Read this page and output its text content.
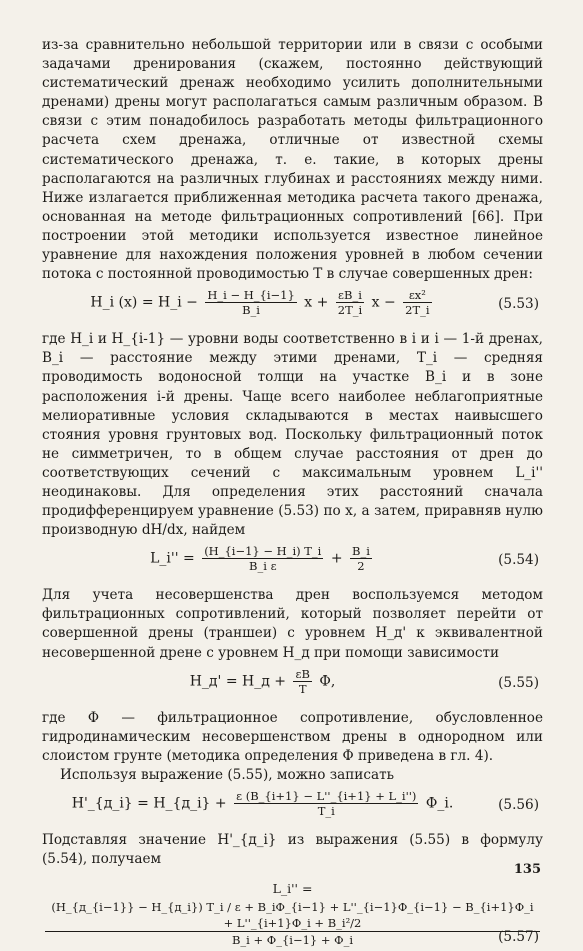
из-за сравнительно небольшой территории или в связи с особыми задачами дренирования (скажем, постоянно действующий систематический дренаж необходимо усилить дополнительными дренами) дрены могут располагаться самым различным образом. В связи с этим понадобилось разработать методы фильтрационного расчета схем дренажа, отличные от известной схемы систематического дренажа, т. е. такие, в которых дрены располагаются на различных глубинах и расстояниях между ними. Ниже излагается приближенная методика расчета такого дренажа, основанная на методе фильтрационных сопротивлений [66]. При построении этой методики используется известное линейное уравнение для нахождения положения уровней в любом сечении потока с постоянной проводимостью T в случае совершенных дрен:

H_i (x) = H_i − $\frac{H\_i - H\_\{i-1\}}{B\_i}$ $x + \frac{\varepsilon B\_i}{2T\_i}$ $x - \frac{\text{εx²}}{2T\_i}$	(5.53)

где H_i и H_{i-1} — уровни воды соответственно в i и i — 1-й дренах, B_i — расстояние между этими дренами, T_i — средняя проводимость водоносной толщи на участке B_i и в зоне расположения i-й дрены. Чаще всего наиболее неблагоприятные мелиоративные условия складываются в местах наивысшего стояния уровня грунтовых вод. Поскольку фильтрационный поток не симметричен, то в общем случае расстояния от дрен до соответствующих сечений с максимальным уровнем L_i'' неодинаковы. Для определения этих расстояний сначала продифференцируем уравнение (5.53) по x, а затем, приравняв нулю производную dH/dx, найдем

L_i'' = $\frac{(H\_\{i-1\} - H\_i) T\_i}{\text{B\_i ε}} + \frac{B\_i}{2}$	(5.54)

Для учета несовершенства дрен воспользуемся методом фильтрационных сопротивлений, который позволяет перейти от совершенной дрены (траншеи) с уровнем H_д' к эквивалентной несовершенной дрене с уровнем H_д при помощи зависимости

H_д' = H_д + $\frac{\varepsilon B}{T} \Phi$,	(5.55)

где Φ — фильтрационное сопротивление, обусловленное гидродинамическим несовершенством дрены в однородном или слоистом грунте (методика определения Φ приведена в гл. 4).

Используя выражение (5.55), можно записать

H'_{д_i} = H_{д_i} + $\frac{\varepsilon (B\_\{i+1\} - L''\_\{i+1\} + L\_i'')}{T\_i}$ Φ_i.	(5.56)

Подставляя значение H'_{д_i} из выражения (5.55) в формулу (5.54), получаем

L_i'' =
(H_{д_{i−1}} − H_{д_i}) T_i / ε + B_iΦ_{i−1} + L''_{i−1}Φ_{i−1} − B_{i+1}Φ_i + L''_{i+1}Φ_i + B_i²/2
B_i + Φ_{i−1} + Φ_i	(5.57)
135
